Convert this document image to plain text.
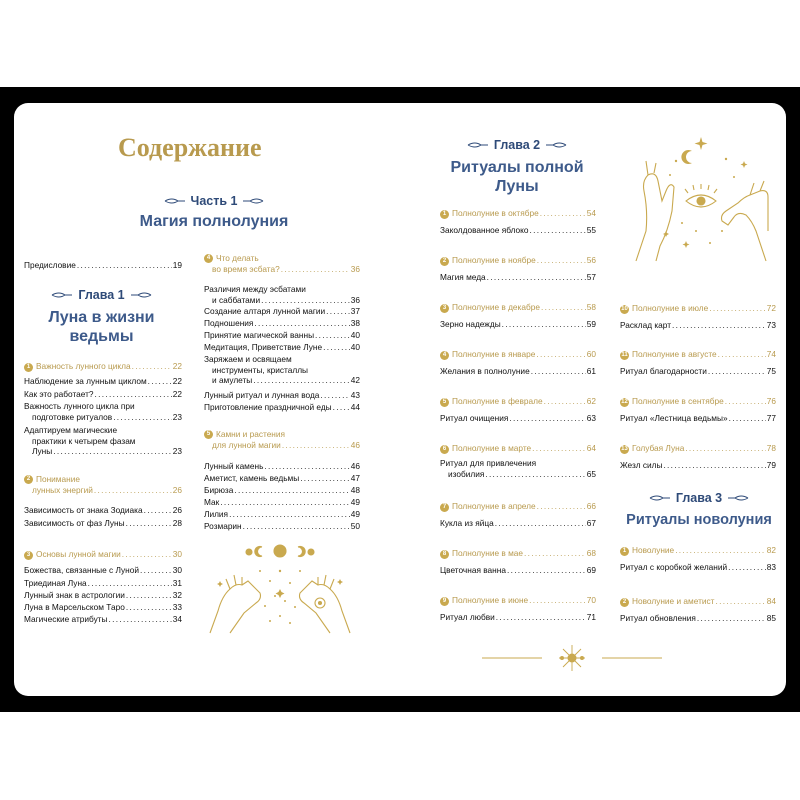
Содержание
Часть 1
Магия полнолуния
Предисловие . . .	19
Глава 1
Луна в жизни
ведьмы
1 Важность лунного цикла . . .	22
Наблюдение за лунным циклом . . .	22
Как это работает? . . .	22
Важность лунного цикла при
подготовке ритуалов . . .	23
Адаптируем магические
практики к четырем фазам
Луны . . .	23
2 Понимание
лунных энергий . . .	26
Зависимость от знака Зодиака . . .	26
Зависимость от фаз Луны . . .	28
3 Основы лунной магии . . .	30
Божества, связанные с Луной . . .	30
Триединая Луна . . .	31
Лунный знак в астрологии . . .	32
Луна в Марсельском Таро . . .	33
Магические атрибуты . . .	34
4 Что делать
во время эсбата? . . .	36
Различия между эсбатами
и саббатами . . .	36
Создание алтаря лунной магии . . .	37
Подношения . . .	38
Принятие магической ванны . . .	40
Медитация, Приветствие Луне . . .	40
Заряжаем и освящаем
инструменты, кристаллы
и амулеты . . .	42
Лунный ритуал и лунная вода . . .	43
Приготовление праздничной еды . . . 44
5 Камни и растения
для лунной магии . . .	46
Лунный камень . . .	46
Аметист, камень ведьмы . . .	47
Бирюза . . .	48
Мак . . .	49
Лилия . . .	49
Розмарин . . .	50
Глава 2
Ритуалы полной
Луны
1 Полнолуние в октябре . . .	54
Заколдованное яблоко . . .	55
2 Полнолуние в ноябре . . .	56
Магия меда . . .	57
3 Полнолуние в декабре . . .	58
Зерно надежды . . .	59
4 Полнолуние в январе . . .	60
Желания в полнолуние . . .	61
5 Полнолуние в феврале . . .	62
Ритуал очищения . . .	63
6 Полнолуние в марте . . .	64
Ритуал для привлечения
изобилия . . .	65
7 Полнолуние в апреле . . .	66
Кукла из яйца . . .	67
8 Полнолуние в мае . . .	68
Цветочная ванна . . .	69
9 Полнолуние в июне . . .	70
Ритуал любви . . .	71
10 Полнолуние в июле . . .	72
Расклад карт . . .	73
11 Полнолуние в августе . . .	74
Ритуал благодарности . . .	75
12 Полнолуние в сентябре . . .	76
Ритуал «Лестница ведьмы» . . .	77
13 Голубая Луна . . .	78
Жезл силы . . .	79
Глава 3
Ритуалы новолуния
1 Новолуние . . .	82
Ритуал с коробкой желаний . . .	83
2 Новолуние и аметист . . .	84
Ритуал обновления . . .	85
